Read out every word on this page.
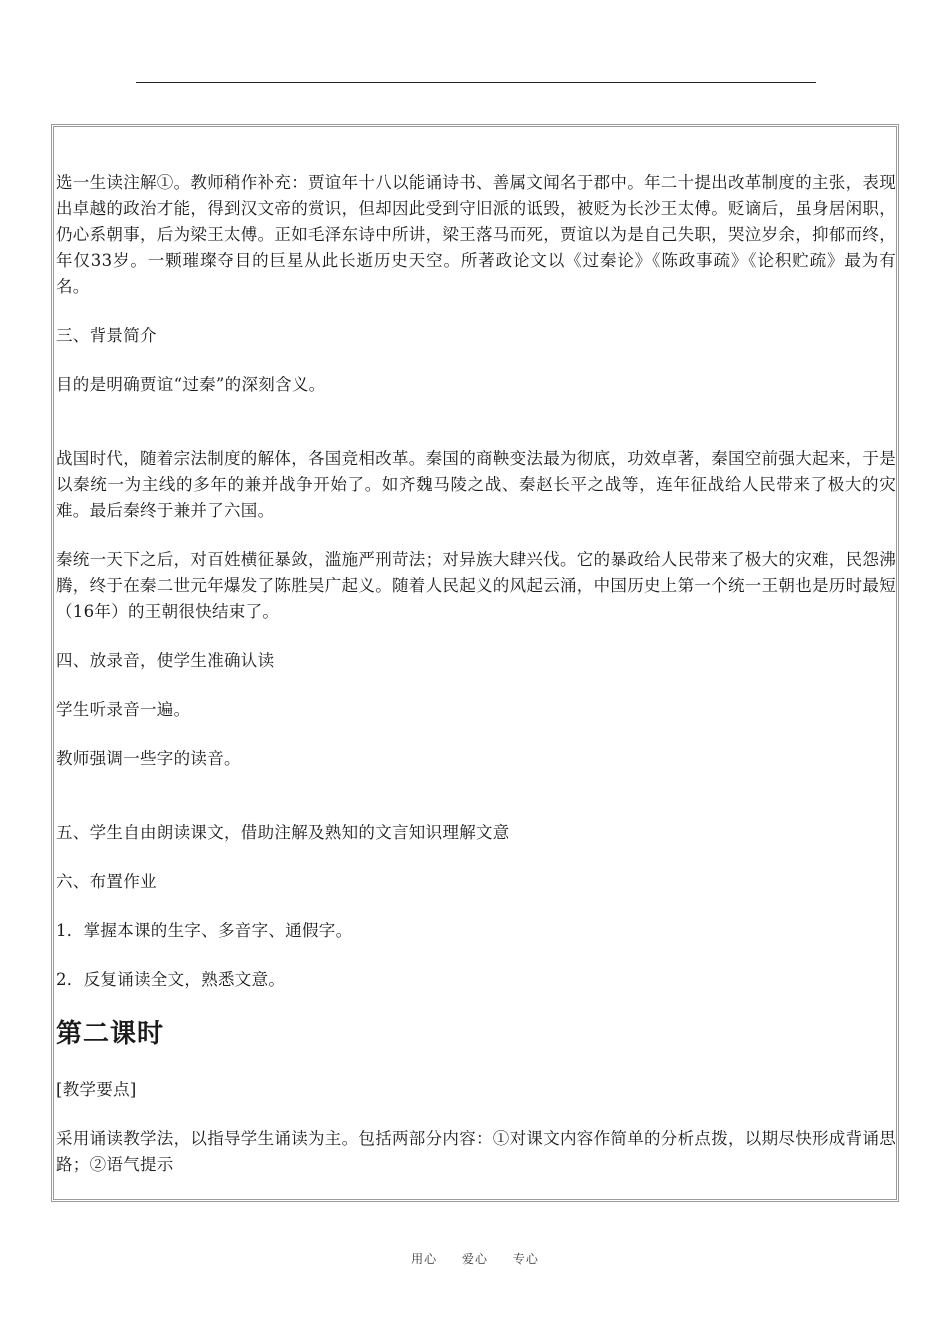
选一生读注解①。教师稍作补充：贾谊年十八以能诵诗书、善属文闻名于郡中。年二十提出改革制度的主张，表现出卓越的政治才能，得到汉文帝的赏识，但却因此受到守旧派的诋毁，被贬为长沙王太傅。贬谪后，虽身居闲职，仍心系朝事，后为梁王太傅。正如毛泽东诗中所讲，梁王落马而死，贾谊以为是自己失职，哭泣岁余，抑郁而终，年仅33岁。一颗璀璨夺目的巨星从此长逝历史天空。所著政论文以《过秦论》《陈政事疏》《论积贮疏》最为有名。

三、背景简介

目的是明确贾谊“过秦”的深刻含义。

战国时代，随着宗法制度的解体，各国竞相改革。秦国的商鞅变法最为彻底，功效卓著，秦国空前强大起来，于是以秦统一为主线的多年的兼并战争开始了。如齐魏马陵之战、秦赵长平之战等，连年征战给人民带来了极大的灾难。最后秦终于兼并了六国。

秦统一天下之后，对百姓横征暴敛，滥施严刑苛法；对异族大肆兴伐。它的暴政给人民带来了极大的灾难，民怨沸腾，终于在秦二世元年爆发了陈胜吴广起义。随着人民起义的风起云涌，中国历史上第一个统一王朝也是历时最短（16年）的王朝很快结束了。

四、放录音，使学生准确认读

学生听录音一遍。

教师强调一些字的读音。

五、学生自由朗读课文，借助注解及熟知的文言知识理解文意

六、布置作业

1．掌握本课的生字、多音字、通假字。

2．反复诵读全文，熟悉文意。

第二课时

[教学要点]

采用诵读教学法，以指导学生诵读为主。包括两部分内容：①对课文内容作简单的分析点拨，以期尽快形成背诵思路；②语气提示

用心 爱心 专心
